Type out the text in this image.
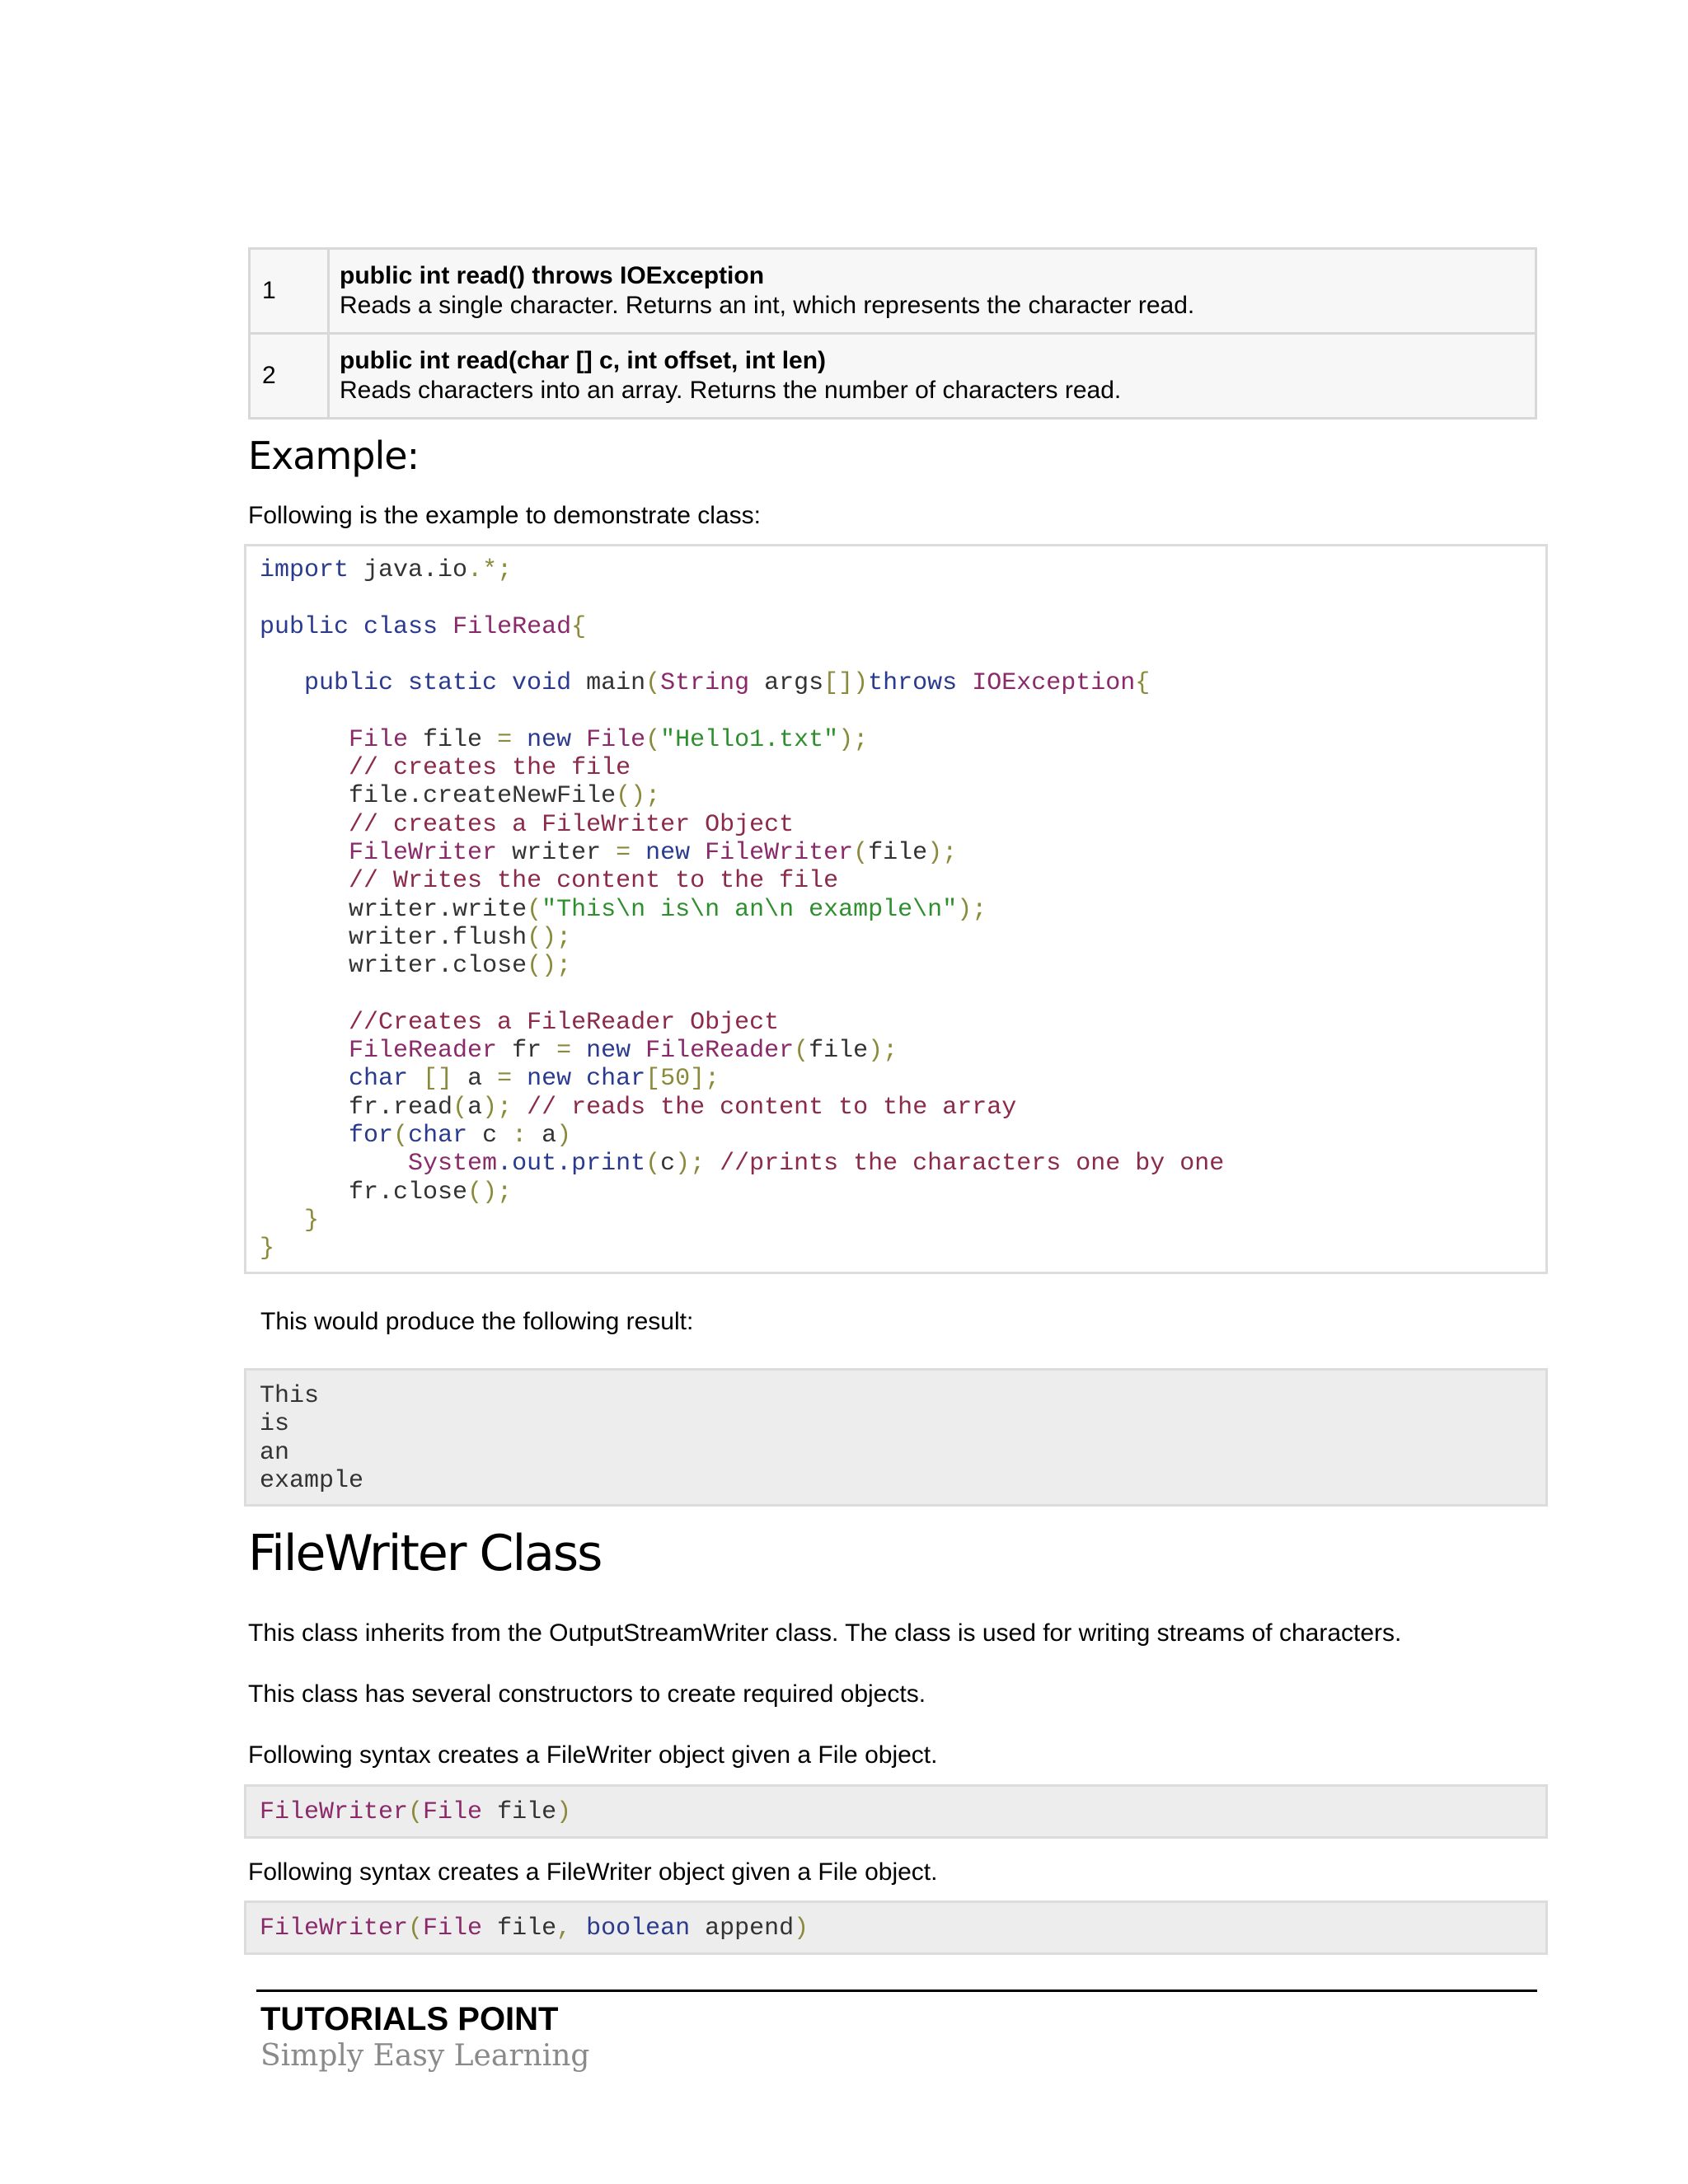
1	public int read() throws IOException
Reads a single character. Returns an int, which represents the character read.

2	public int read(char [] c, int offset, int len)
Reads characters into an array. Returns the number of characters read.
Example:
Following is the example to demonstrate class:
import java.io.*;
public class FileRead{
public static void main(String args[])throws IOException{
File file = new File("Hello1.txt");
// creates the file
file.createNewFile();
// creates a FileWriter Object
FileWriter writer = new FileWriter(file);
// Writes the content to the file
writer.write("This\n is\n an\n example\n");
writer.flush();
writer.close();
//Creates a FileReader Object
FileReader fr = new FileReader(file);
char [] a = new char[50];
fr.read(a); // reads the content to the array
for(char c : a)
System.out.print(c); //prints the characters one by one
fr.close();
}
}
This would produce the following result:
This
is
an
example
FileWriter Class
This class inherits from the OutputStreamWriter class. The class is used for writing streams of characters.
This class has several constructors to create required objects.
Following syntax creates a FileWriter object given a File object.
FileWriter(File file)
Following syntax creates a FileWriter object given a File object.
FileWriter(File file, boolean append)
TUTORIALS POINT
Simply Easy Learning
